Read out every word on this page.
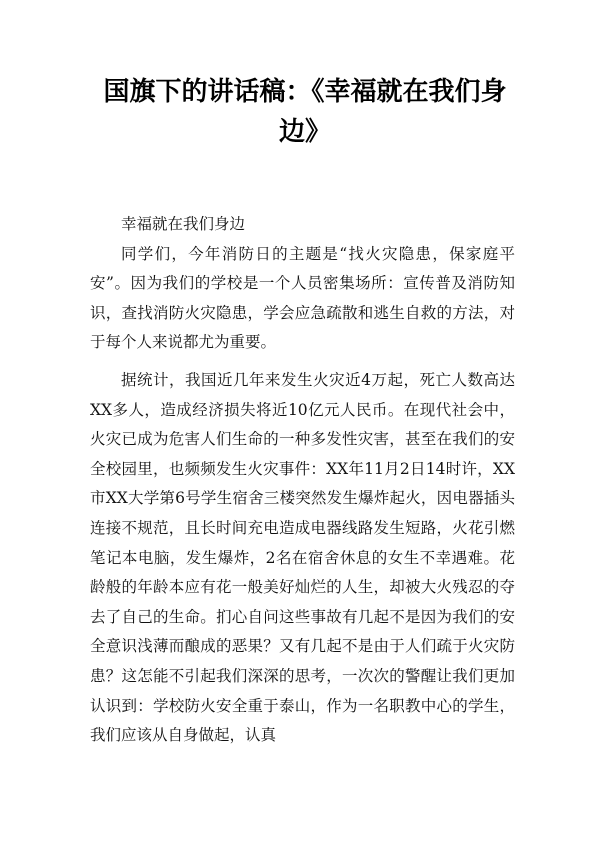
国旗下的讲话稿：《幸福就在我们身边》

幸福就在我们身边

同学们，今年消防日的主题是“找火灾隐患，保家庭平安”。因为我们的学校是一个人员密集场所：宣传普及消防知识，查找消防火灾隐患，学会应急疏散和逃生自救的方法，对于每个人来说都尤为重要。

据统计，我国近几年来发生火灾近4万起，死亡人数高达XX多人，造成经济损失将近10亿元人民币。在现代社会中，火灾已成为危害人们生命的一种多发性灾害，甚至在我们的安全校园里，也频频发生火灾事件：XX年11月2日14时许，XX市XX大学第6号学生宿舍三楼突然发生爆炸起火，因电器插头连接不规范，且长时间充电造成电器线路发生短路，火花引燃笔记本电脑，发生爆炸，2名在宿舍休息的女生不幸遇难。花龄般的年龄本应有花一般美好灿烂的人生，却被大火残忍的夺去了自己的生命。扪心自问这些事故有几起不是因为我们的安全意识浅薄而酿成的恶果？又有几起不是由于人们疏于火灾防患？这怎能不引起我们深深的思考，一次次的警醒让我们更加认识到：学校防火安全重于泰山，作为一名职教中心的学生，我们应该从自身做起，认真
